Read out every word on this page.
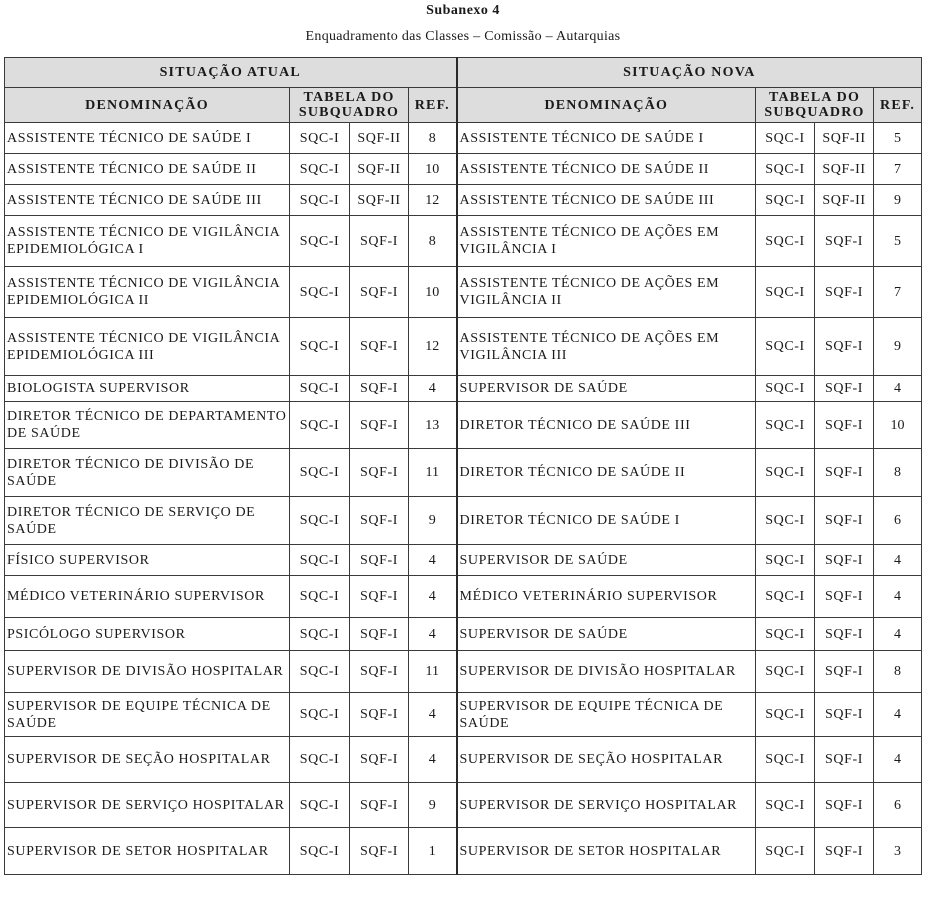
Subanexo 4
Enquadramento das Classes – Comissão – Autarquias
SITUAÇÃO ATUAL				SITUAÇÃO NOVA			
DENOMINAÇÃO	TABELA DO SUBQUADRO		REF.	DENOMINAÇÃO	TABELA DO SUBQUADRO		REF.
ASSISTENTE TÉCNICO DE SAÚDE I	SQC-I	SQF-II	8	ASSISTENTE TÉCNICO DE SAÚDE I	SQC-I	SQF-II	5
ASSISTENTE TÉCNICO DE SAÚDE II	SQC-I	SQF-II	10	ASSISTENTE TÉCNICO DE SAÚDE II	SQC-I	SQF-II	7
ASSISTENTE TÉCNICO DE SAÚDE III	SQC-I	SQF-II	12	ASSISTENTE TÉCNICO DE SAÚDE III	SQC-I	SQF-II	9
ASSISTENTE TÉCNICO DE VIGILÂNCIA EPIDEMIOLÓGICA I	SQC-I	SQF-I	8	ASSISTENTE TÉCNICO DE AÇÕES EM VIGILÂNCIA I	SQC-I	SQF-I	5
ASSISTENTE TÉCNICO DE VIGILÂNCIA EPIDEMIOLÓGICA II	SQC-I	SQF-I	10	ASSISTENTE TÉCNICO DE AÇÕES EM VIGILÂNCIA II	SQC-I	SQF-I	7
ASSISTENTE TÉCNICO DE VIGILÂNCIA EPIDEMIOLÓGICA III	SQC-I	SQF-I	12	ASSISTENTE TÉCNICO DE AÇÕES EM VIGILÂNCIA III	SQC-I	SQF-I	9
BIOLOGISTA SUPERVISOR	SQC-I	SQF-I	4	SUPERVISOR DE SAÚDE	SQC-I	SQF-I	4
DIRETOR TÉCNICO DE DEPARTAMENTO DE SAÚDE	SQC-I	SQF-I	13	DIRETOR TÉCNICO DE SAÚDE III	SQC-I	SQF-I	10
DIRETOR TÉCNICO DE DIVISÃO DE SAÚDE	SQC-I	SQF-I	11	DIRETOR TÉCNICO DE SAÚDE II	SQC-I	SQF-I	8
DIRETOR TÉCNICO DE SERVIÇO DE SAÚDE	SQC-I	SQF-I	9	DIRETOR TÉCNICO DE SAÚDE I	SQC-I	SQF-I	6
FÍSICO SUPERVISOR	SQC-I	SQF-I	4	SUPERVISOR DE SAÚDE	SQC-I	SQF-I	4
MÉDICO VETERINÁRIO SUPERVISOR	SQC-I	SQF-I	4	MÉDICO VETERINÁRIO SUPERVISOR	SQC-I	SQF-I	4
PSICÓLOGO SUPERVISOR	SQC-I	SQF-I	4	SUPERVISOR DE SAÚDE	SQC-I	SQF-I	4
SUPERVISOR DE DIVISÃO HOSPITALAR	SQC-I	SQF-I	11	SUPERVISOR DE DIVISÃO HOSPITALAR	SQC-I	SQF-I	8
SUPERVISOR DE EQUIPE TÉCNICA DE SAÚDE	SQC-I	SQF-I	4	SUPERVISOR DE EQUIPE TÉCNICA DE SAÚDE	SQC-I	SQF-I	4
SUPERVISOR DE SEÇÃO HOSPITALAR	SQC-I	SQF-I	4	SUPERVISOR DE SEÇÃO HOSPITALAR	SQC-I	SQF-I	4
SUPERVISOR DE SERVIÇO HOSPITALAR	SQC-I	SQF-I	9	SUPERVISOR DE SERVIÇO HOSPITALAR	SQC-I	SQF-I	6
SUPERVISOR DE SETOR HOSPITALAR	SQC-I	SQF-I	1	SUPERVISOR DE SETOR HOSPITALAR	SQC-I	SQF-I	3
